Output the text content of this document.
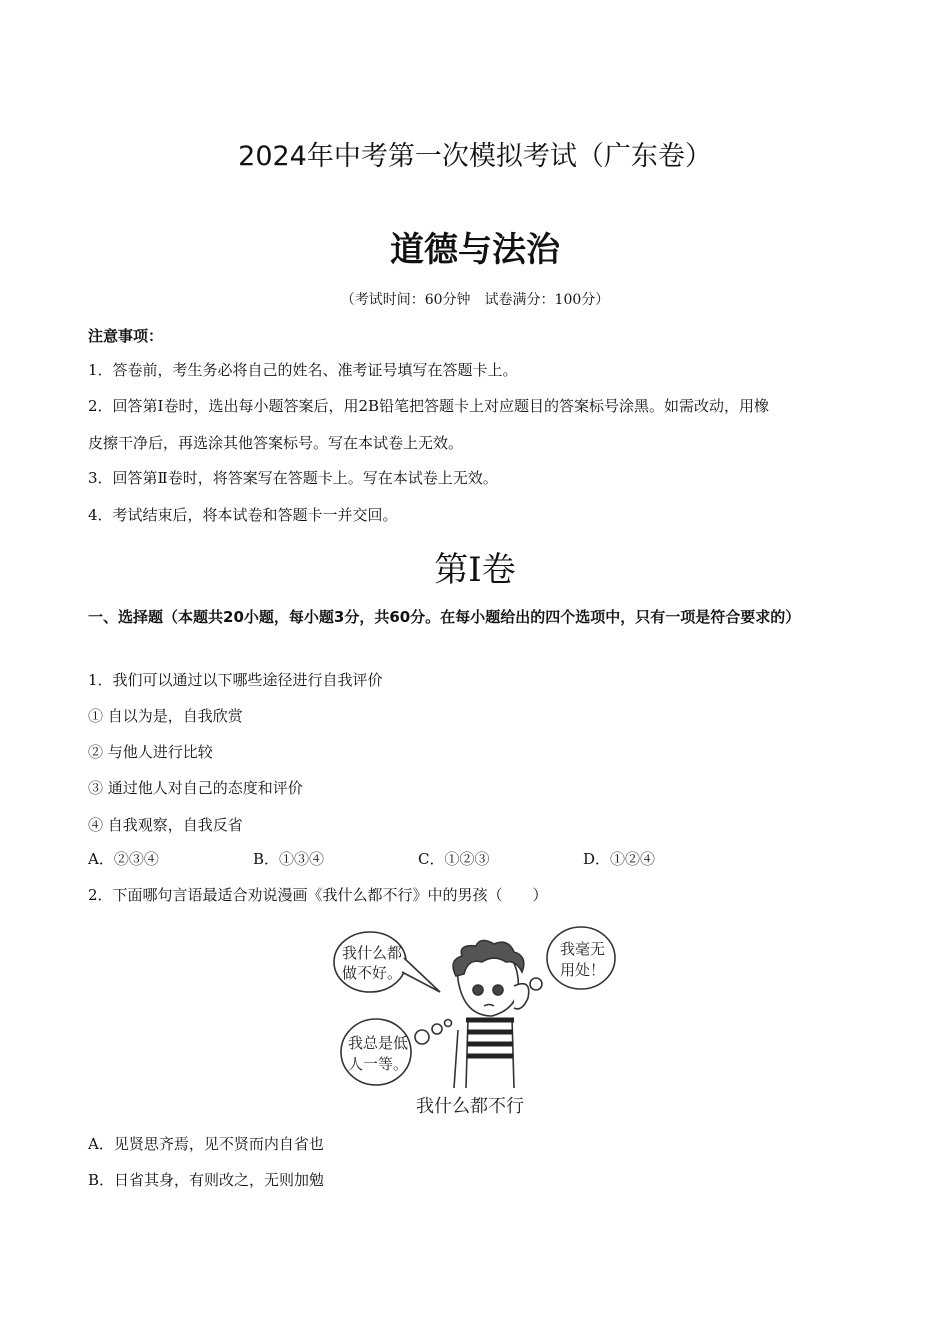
2024年中考第一次模拟考试（广东卷）
道德与法治
（考试时间：60分钟　试卷满分：100分）
注意事项：
1．答卷前，考生务必将自己的姓名、准考证号填写在答题卡上。
2．回答第Ⅰ卷时，选出每小题答案后，用2B铅笔把答题卡上对应题目的答案标号涂黑。如需改动，用橡
皮擦干净后，再选涂其他答案标号。写在本试卷上无效。
3．回答第Ⅱ卷时，将答案写在答题卡上。写在本试卷上无效。
4．考试结束后，将本试卷和答题卡一并交回。
第Ⅰ卷
一、选择题（本题共20小题，每小题3分，共60分。在每小题给出的四个选项中，只有一项是符合要求的）
1．我们可以通过以下哪些途径进行自我评价
① 自以为是，自我欣赏
② 与他人进行比较
③ 通过他人对自己的态度和评价
④ 自我观察，自我反省
A．②③④	B．①③④	C．①②③	D．①②④
2．下面哪句言语最适合劝说漫画《我什么都不行》中的男孩（　　）
我什么都
做不好。
我毫无
用处！
我总是低
人一等。
我什么都不行
A．见贤思齐焉，见不贤而内自省也
B．日省其身，有则改之，无则加勉
